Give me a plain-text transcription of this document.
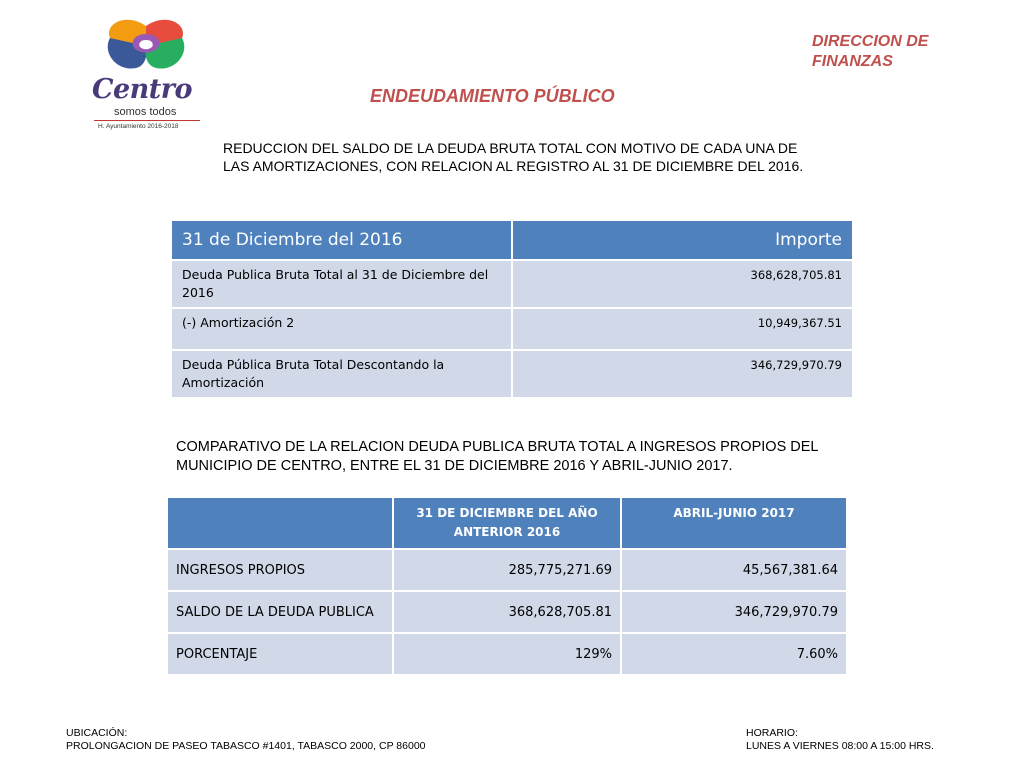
Centro
somos todos
H. Ayuntamiento 2016-2018
DIRECCION DE FINANZAS
ENDEUDAMIENTO PÚBLICO
REDUCCION DEL SALDO DE LA DEUDA BRUTA TOTAL CON MOTIVO DE CADA UNA DE LAS AMORTIZACIONES, CON RELACION AL REGISTRO AL 31 DE DICIEMBRE DEL 2016.
31 de Diciembre del 2016	Importe
Deuda Publica Bruta Total al 31 de Diciembre del 2016	368,628,705.81
(-) Amortización 2	10,949,367.51
Deuda Pública Bruta Total Descontando la Amortización	346,729,970.79
COMPARATIVO DE LA RELACION DEUDA PUBLICA BRUTA TOTAL A INGRESOS PROPIOS DEL MUNICIPIO DE CENTRO, ENTRE EL 31 DE DICIEMBRE 2016 Y ABRIL-JUNIO 2017.
	31 DE DICIEMBRE DEL AÑO ANTERIOR 2016	ABRIL-JUNIO 2017
INGRESOS PROPIOS	285,775,271.69	45,567,381.64
SALDO DE LA DEUDA PUBLICA	368,628,705.81	346,729,970.79
PORCENTAJE	129%	7.60%
UBICACIÓN:
PROLONGACION DE PASEO TABASCO #1401, TABASCO 2000, CP 86000
HORARIO:
LUNES A VIERNES 08:00 A 15:00 HRS.
